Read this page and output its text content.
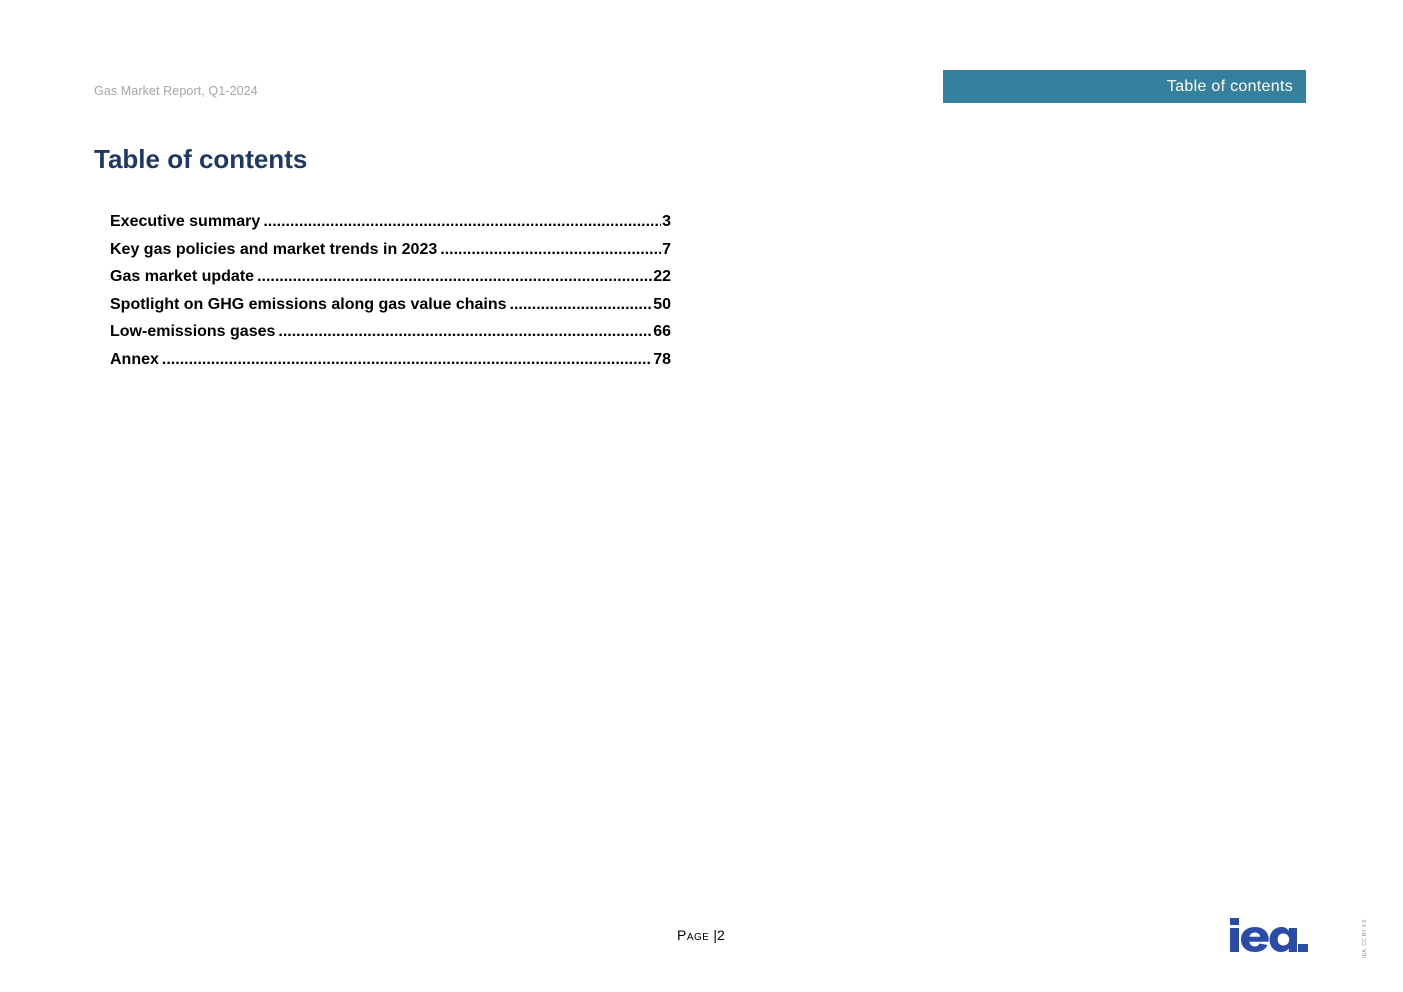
Gas Market Report, Q1-2024	Table of contents
Table of contents
Executive summary .....	3
Key gas policies and market trends in 2023 .....	7
Gas market update .....	22
Spotlight on GHG emissions along gas value chains .....	50
Low-emissions gases .....	66
Annex .....	78
Page |2	IEA. CC BY 4.0.
